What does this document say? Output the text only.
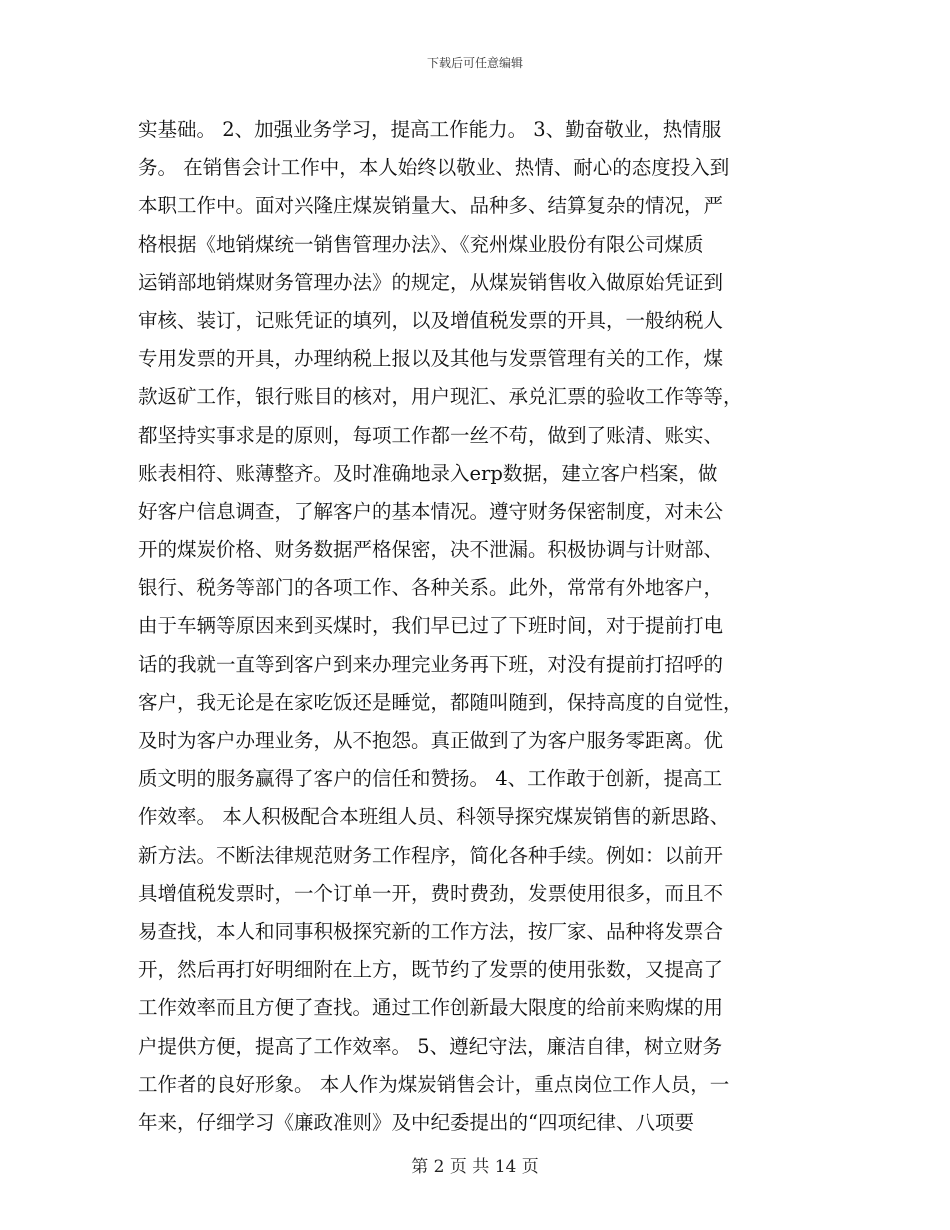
下载后可任意编辑
实基础。 2、加强业务学习，提高工作能力。 3、勤奋敬业，热情服
务。 在销售会计工作中，本人始终以敬业、热情、耐心的态度投入到
本职工作中。面对兴隆庄煤炭销量大、品种多、结算复杂的情况，严
格根据《地销煤统一销售管理办法》、《兖州煤业股份有限公司煤质
运销部地销煤财务管理办法》的规定，从煤炭销售收入做原始凭证到
审核、装订，记账凭证的填列，以及增值税发票的开具，一般纳税人
专用发票的开具，办理纳税上报以及其他与发票管理有关的工作，煤
款返矿工作，银行账目的核对，用户现汇、承兑汇票的验收工作等等，
都坚持实事求是的原则，每项工作都一丝不苟，做到了账清、账实、
账表相符、账薄整齐。及时准确地录入erp数据，建立客户档案，做
好客户信息调查，了解客户的基本情况。遵守财务保密制度，对未公
开的煤炭价格、财务数据严格保密，决不泄漏。积极协调与计财部、
银行、税务等部门的各项工作、各种关系。此外，常常有外地客户，
由于车辆等原因来到买煤时，我们早已过了下班时间，对于提前打电
话的我就一直等到客户到来办理完业务再下班，对没有提前打招呼的
客户，我无论是在家吃饭还是睡觉，都随叫随到，保持高度的自觉性，
及时为客户办理业务，从不抱怨。真正做到了为客户服务零距离。优
质文明的服务赢得了客户的信任和赞扬。 4、工作敢于创新，提高工
作效率。 本人积极配合本班组人员、科领导探究煤炭销售的新思路、
新方法。不断法律规范财务工作程序，简化各种手续。例如：以前开
具增值税发票时，一个订单一开，费时费劲，发票使用很多，而且不
易查找，本人和同事积极探究新的工作方法，按厂家、品种将发票合
开，然后再打好明细附在上方，既节约了发票的使用张数，又提高了
工作效率而且方便了查找。通过工作创新最大限度的给前来购煤的用
户提供方便，提高了工作效率。 5、遵纪守法，廉洁自律，树立财务
工作者的良好形象。 本人作为煤炭销售会计，重点岗位工作人员，一
年来，仔细学习《廉政准则》及中纪委提出的“四项纪律、八项要
第 2 页 共 14 页
